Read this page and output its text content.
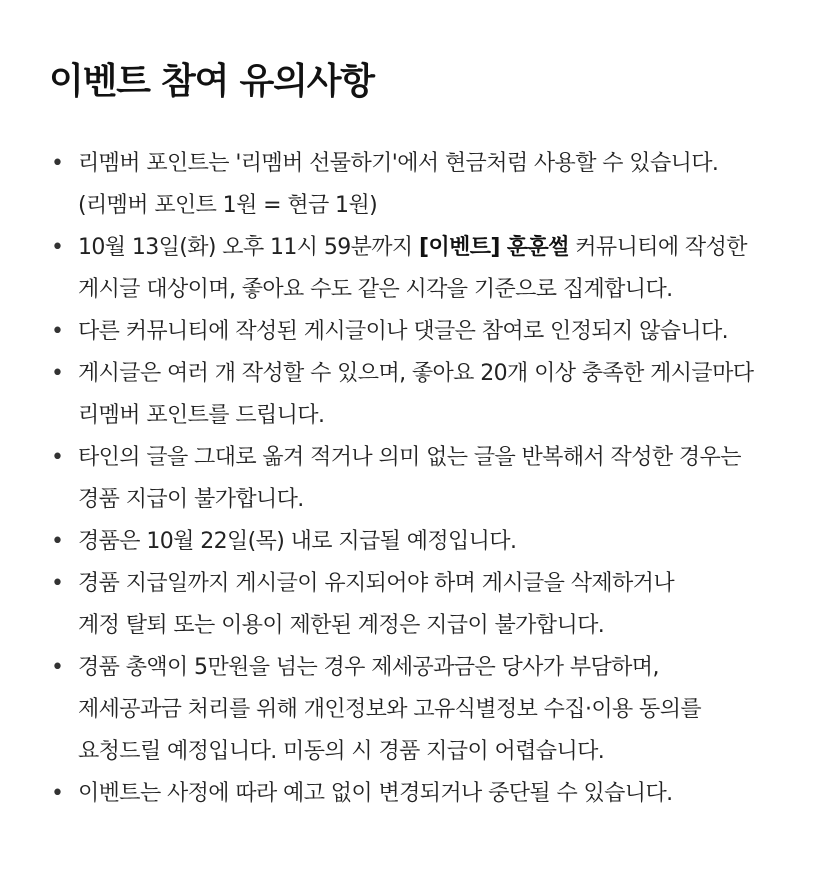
이벤트 참여 유의사항
• 리멤버 포인트는 '리멤버 선물하기'에서 현금처럼 사용할 수 있습니다.
(리멤버 포인트 1원 = 현금 1원)
• 10월 13일(화) 오후 11시 59분까지 [이벤트] 훈훈썰 커뮤니티에 작성한
게시글 대상이며, 좋아요 수도 같은 시각을 기준으로 집계합니다.
• 다른 커뮤니티에 작성된 게시글이나 댓글은 참여로 인정되지 않습니다.
• 게시글은 여러 개 작성할 수 있으며, 좋아요 20개 이상 충족한 게시글마다
리멤버 포인트를 드립니다.
• 타인의 글을 그대로 옮겨 적거나 의미 없는 글을 반복해서 작성한 경우는
경품 지급이 불가합니다.
• 경품은 10월 22일(목) 내로 지급될 예정입니다.
• 경품 지급일까지 게시글이 유지되어야 하며 게시글을 삭제하거나
계정 탈퇴 또는 이용이 제한된 계정은 지급이 불가합니다.
• 경품 총액이 5만원을 넘는 경우 제세공과금은 당사가 부담하며,
제세공과금 처리를 위해 개인정보와 고유식별정보 수집·이용 동의를
요청드릴 예정입니다. 미동의 시 경품 지급이 어렵습니다.
• 이벤트는 사정에 따라 예고 없이 변경되거나 중단될 수 있습니다.
